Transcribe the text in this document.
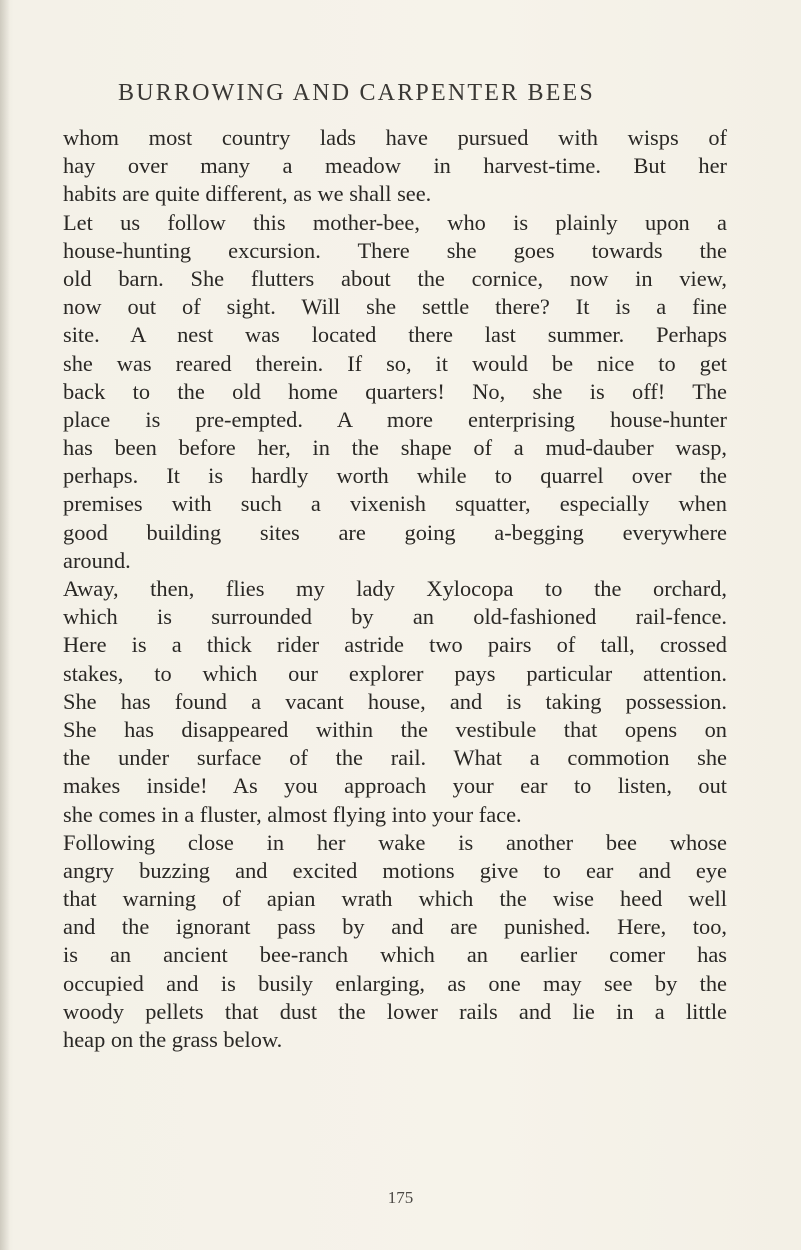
BURROWING AND CARPENTER BEES
whom most country lads have pursued with wisps of
hay over many a meadow in harvest-time. But her
habits are quite different, as we shall see.
Let us follow this mother-bee, who is plainly upon a
house-hunting excursion. There she goes towards the
old barn. She flutters about the cornice, now in view,
now out of sight. Will she settle there? It is a fine
site. A nest was located there last summer. Perhaps
she was reared therein. If so, it would be nice to get
back to the old home quarters! No, she is off! The
place is pre-empted. A more enterprising house-hunter
has been before her, in the shape of a mud-dauber wasp,
perhaps. It is hardly worth while to quarrel over the
premises with such a vixenish squatter, especially when
good building sites are going a-begging everywhere
around.
Away, then, flies my lady Xylocopa to the orchard,
which is surrounded by an old-fashioned rail-fence.
Here is a thick rider astride two pairs of tall, crossed
stakes, to which our explorer pays particular attention.
She has found a vacant house, and is taking possession.
She has disappeared within the vestibule that opens on
the under surface of the rail. What a commotion she
makes inside! As you approach your ear to listen, out
she comes in a fluster, almost flying into your face.
Following close in her wake is another bee whose
angry buzzing and excited motions give to ear and eye
that warning of apian wrath which the wise heed well
and the ignorant pass by and are punished. Here, too,
is an ancient bee-ranch which an earlier comer has
occupied and is busily enlarging, as one may see by the
woody pellets that dust the lower rails and lie in a little
heap on the grass below.
175
